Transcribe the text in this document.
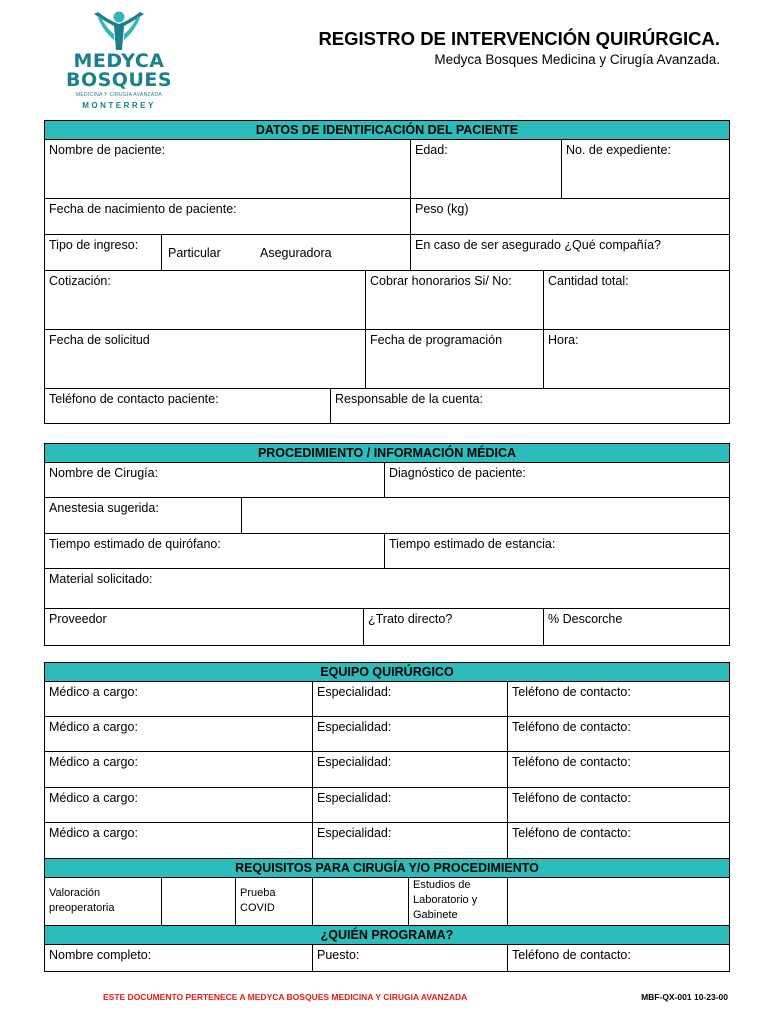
MEDYCA
BOSQUES
MEDICINA Y CIRUGÍA AVANZADA
MONTERREY
REGISTRO DE INTERVENCIÓN QUIRÚRGICA.
Medyca Bosques Medicina y Cirugía Avanzada.
DATOS DE IDENTIFICACIÓN DEL PACIENTE
Nombre de paciente:	Edad:	No. de expediente:
Fecha de nacimiento de paciente:	Peso (kg)
Tipo de ingreso:
Particular	Aseguradora
En caso de ser asegurado ¿Qué compañía?
Cotización:	Cobrar honorarios Si/ No:	Cantidad total:
Fecha de solicitud	Fecha de programación	Hora:
Teléfono de contacto paciente:	Responsable de la cuenta:
PROCEDIMIENTO / INFORMACIÓN MÉDICA
Nombre de Cirugía:	Diagnóstico de paciente:
Anestesia sugerida:
Tiempo estimado de quirófano:	Tiempo estimado de estancia:
Material solicitado:
Proveedor	¿Trato directo?	% Descorche
EQUIPO QUIRÚRGICO
Médico a cargo:	Especialidad:	Teléfono de contacto:
Médico a cargo:	Especialidad:	Teléfono de contacto:
Médico a cargo:	Especialidad:	Teléfono de contacto:
Médico a cargo:	Especialidad:	Teléfono de contacto:
Médico a cargo:	Especialidad:	Teléfono de contacto:
REQUISITOS PARA CIRUGÍA Y/O PROCEDIMIENTO
Valoración preoperatoria
Prueba COVID
Estudios de Laboratorio y Gabinete
¿QUIÉN PROGRAMA?
Nombre completo:	Puesto:	Teléfono de contacto:
ESTE DOCUMENTO PERTENECE A MEDYCA BOSQUES MEDICINA Y CIRUGIA AVANZADA	MBF-QX-001 10-23-00
